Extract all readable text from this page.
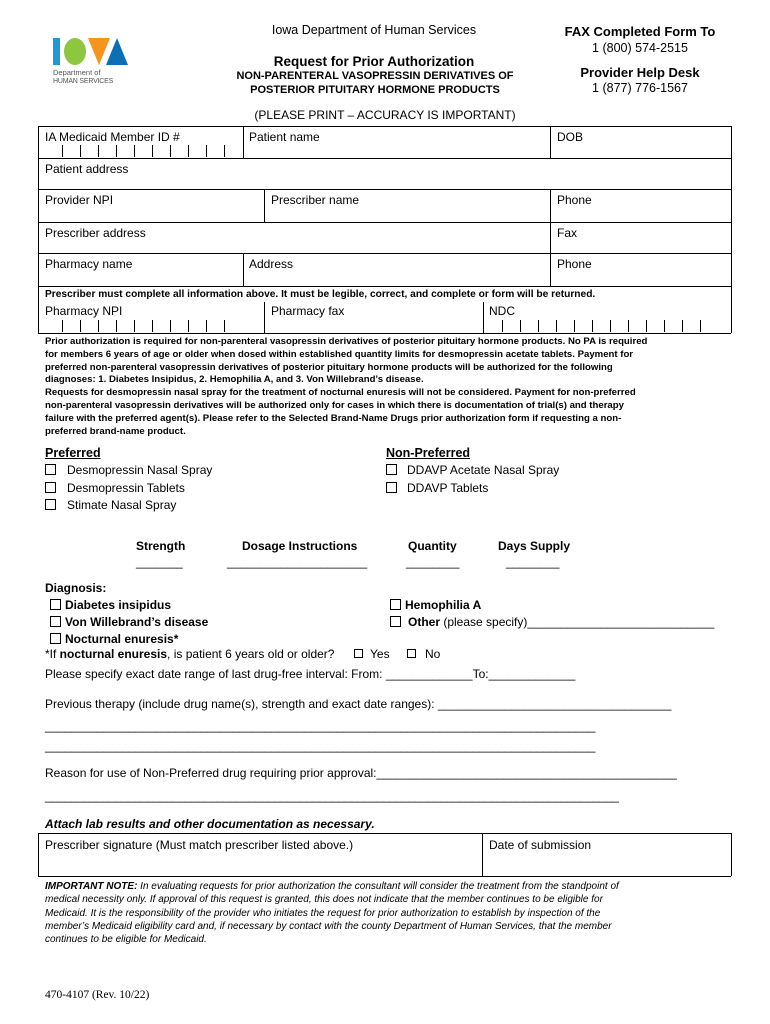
Department of
HUMAN SERVICES
Iowa Department of Human Services
Request for Prior Authorization
NON-PARENTERAL VASOPRESSIN DERIVATIVES OF
POSTERIOR PITUITARY HORMONE PRODUCTS
(PLEASE PRINT – ACCURACY IS IMPORTANT)
FAX Completed Form To
1 (800) 574-2515
Provider Help Desk
1 (877) 776-1567
IA Medicaid Member ID #	Patient name	DOB
Patient address
Provider NPI	Prescriber name	Phone
Prescriber address	Fax
Pharmacy name	Address	Phone
Prescriber must complete all information above. It must be legible, correct, and complete or form will be returned.
Pharmacy NPI	Pharmacy fax	NDC
Prior authorization is required for non-parenteral vasopressin derivatives of posterior pituitary hormone products. No PA is required
for members 6 years of age or older when dosed within established quantity limits for desmopressin acetate tablets. Payment for
preferred non-parenteral vasopressin derivatives of posterior pituitary hormone products will be authorized for the following
diagnoses: 1. Diabetes Insipidus, 2. Hemophilia A, and 3. Von Willebrand’s disease.
Requests for desmopressin nasal spray for the treatment of nocturnal enuresis will not be considered. Payment for non-preferred
non-parenteral vasopressin derivatives will be authorized only for cases in which there is documentation of trial(s) and therapy
failure with the preferred agent(s). Please refer to the Selected Brand-Name Drugs prior authorization form if requesting a non-
preferred brand-name product.
Preferred
Desmopressin Nasal Spray
Desmopressin Tablets
Stimate Nasal Spray
Non-Preferred
DDAVP Acetate Nasal Spray
DDAVP Tablets
Strength	Dosage Instructions	Quantity	Days Supply
_______	_____________________	________	________
Diagnosis:
Diabetes insipidus
Von Willebrand’s disease
Nocturnal enuresis*
Hemophilia A
Other (please specify)____________________________
*If nocturnal enuresis, is patient 6 years old or older?	Yes	No
Please specify exact date range of last drug-free interval: From: _____________To:_____________
Previous therapy (include drug name(s), strength and exact date ranges): ___________________________________
_____________________________________________________________________________________
_____________________________________________________________________________________
Reason for use of Non-Preferred drug requiring prior approval:_____________________________________________
__________________________________________________________________________________________
Attach lab results and other documentation as necessary.
Prescriber signature (Must match prescriber listed above.)	Date of submission
IMPORTANT NOTE: In evaluating requests for prior authorization the consultant will consider the treatment from the standpoint of
medical necessity only. If approval of this request is granted, this does not indicate that the member continues to be eligible for
Medicaid. It is the responsibility of the provider who initiates the request for prior authorization to establish by inspection of the
member’s Medicaid eligibility card and, if necessary by contact with the county Department of Human Services, that the member
continues to be eligible for Medicaid.
470-4107 (Rev. 10/22)
